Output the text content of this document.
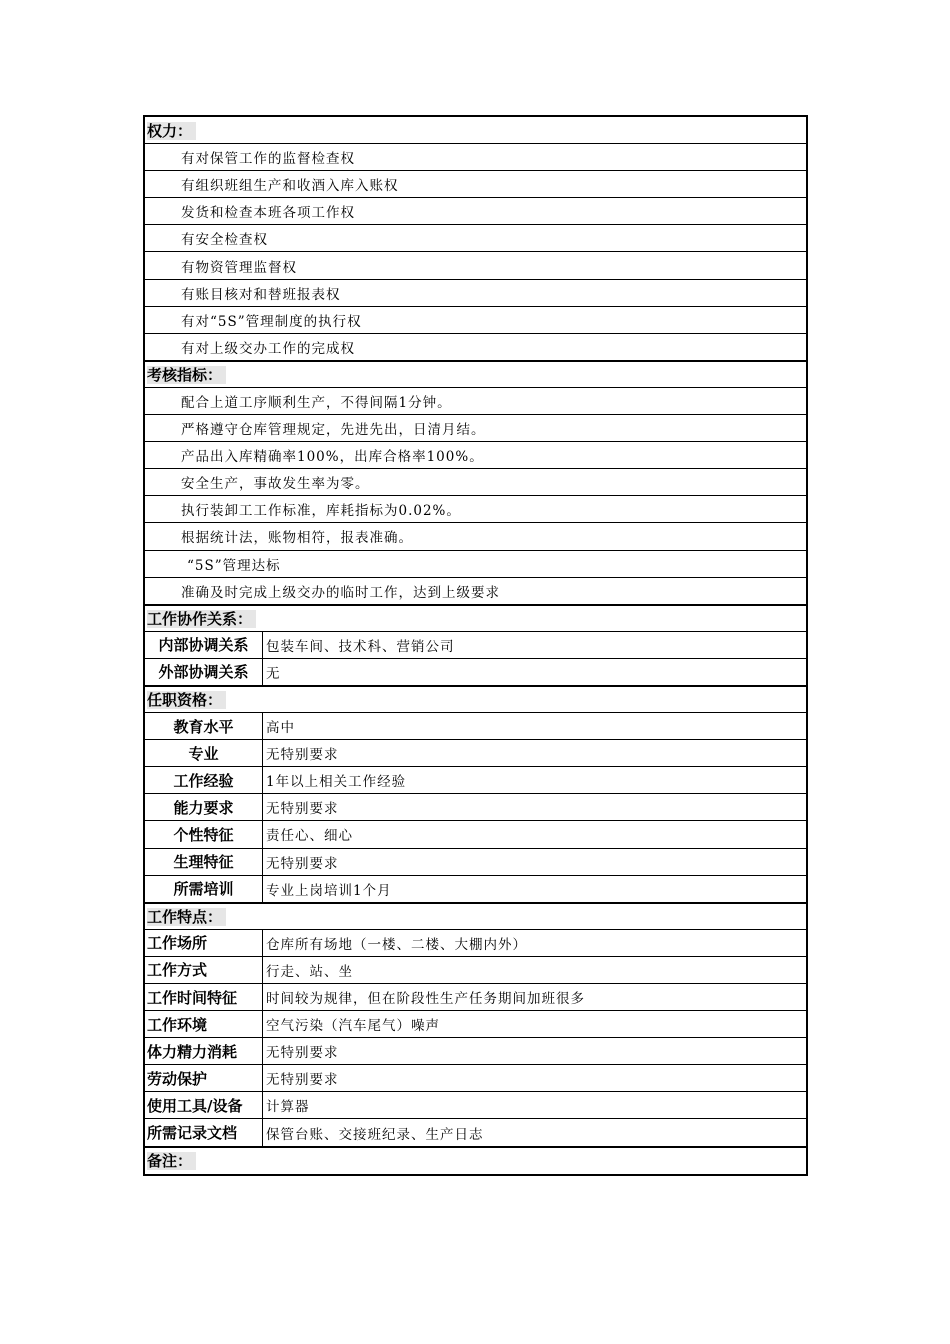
权力：
有对保管工作的监督检查权
有组织班组生产和收酒入库入账权
发货和检查本班各项工作权
有安全检查权
有物资管理监督权
有账目核对和替班报表权
有对“5S”管理制度的执行权
有对上级交办工作的完成权
考核指标：
配合上道工序顺利生产，不得间隔1分钟。
严格遵守仓库管理规定，先进先出，日清月结。
产品出入库精确率100%，出库合格率100%。
安全生产，事故发生率为零。
执行装卸工工作标准，库耗指标为0.02%。
根据统计法，账物相符，报表准确。
“5S”管理达标
准确及时完成上级交办的临时工作，达到上级要求
工作协作关系：
内部协调关系	包装车间、技术科、营销公司
外部协调关系	无
任职资格：
教育水平	高中
专业	无特别要求
工作经验	1年以上相关工作经验
能力要求	无特别要求
个性特征	责任心、细心
生理特征	无特别要求
所需培训	专业上岗培训1个月
工作特点：
工作场所	仓库所有场地（一楼、二楼、大棚内外）
工作方式	行走、站、坐
工作时间特征	时间较为规律，但在阶段性生产任务期间加班很多
工作环境	空气污染（汽车尾气）噪声
体力精力消耗	无特别要求
劳动保护	无特别要求
使用工具/设备	计算器
所需记录文档	保管台账、交接班纪录、生产日志
备注：
